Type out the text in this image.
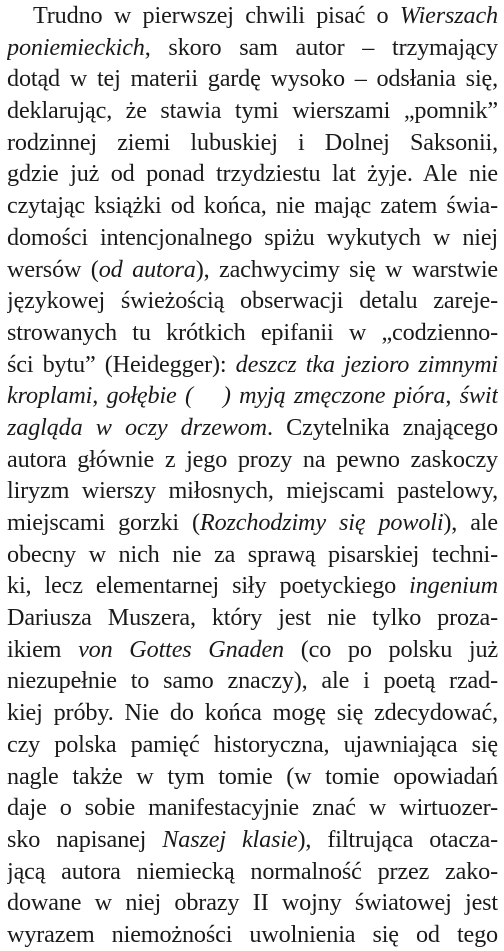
Trudno w pierwszej chwili pisać o Wierszach
poniemieckich, skoro sam autor – trzymający
dotąd w tej materii gardę wysoko – odsłania się,
deklarując, że stawia tymi wierszami „pomnik”
rodzinnej ziemi lubuskiej i Dolnej Saksonii,
gdzie już od ponad trzydziestu lat żyje. Ale nie
czytając książki od końca, nie mając zatem świa-
domości intencjonalnego spiżu wykutych w niej
wersów (od autora), zachwycimy się w warstwie
językowej świeżością obserwacji detalu zareje-
strowanych tu krótkich epifanii w „codzienno-
ści bytu” (Heidegger): deszcz tka jezioro zimnymi
kroplami, gołębie ( ) myją zmęczone pióra, świt
zagląda w oczy drzewom. Czytelnika znającego
autora głównie z jego prozy na pewno zaskoczy
liryzm wierszy miłosnych, miejscami pastelowy,
miejscami gorzki (Rozchodzimy się powoli), ale
obecny w nich nie za sprawą pisarskiej techni-
ki, lecz elementarnej siły poetyckiego ingenium
Dariusza Muszera, który jest nie tylko proza-
ikiem von Gottes Gnaden (co po polsku już
niezupełnie to samo znaczy), ale i poetą rzad-
kiej próby. Nie do końca mogę się zdecydować,
czy polska pamięć historyczna, ujawniająca się
nagle także w tym tomie (w tomie opowiadań
daje o sobie manifestacyjnie znać w wirtuozer-
sko napisanej Naszej klasie), filtrująca otacza-
jącą autora niemiecką normalność przez zako-
dowane w niej obrazy II wojny światowej jest
wyrazem niemożności uwolnienia się od tego
